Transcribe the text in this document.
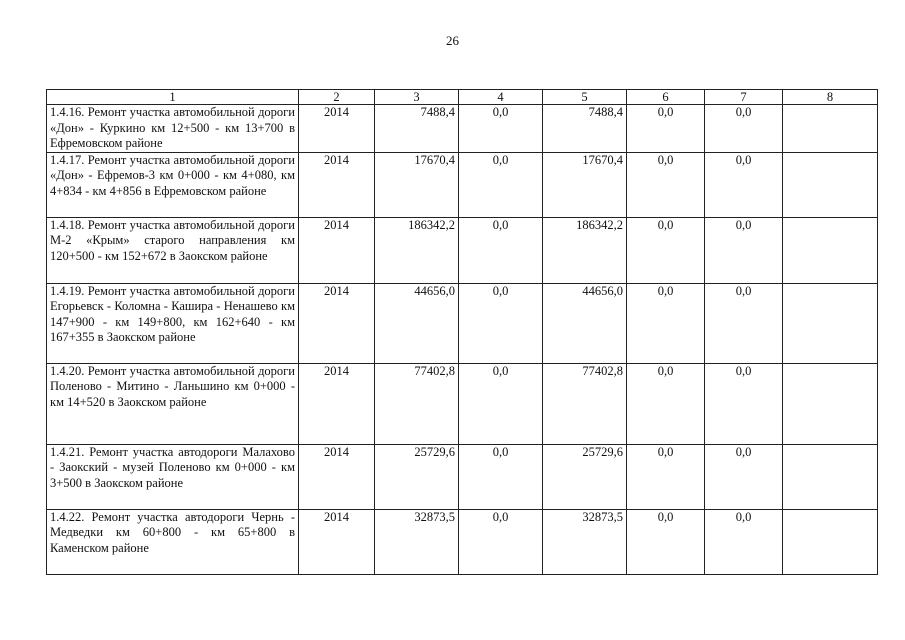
26
1	2	3	4	5	6	7	8
1.4.16. Ремонт участка автомобильной дороги «Дон» - Куркино км 12+500 - км 13+700 в Ефремовском районе	2014	7488,4	0,0	7488,4	0,0	0,0	
1.4.17. Ремонт участка автомобильной дороги «Дон» - Ефремов-3 км 0+000 - км 4+080, км 4+834 - км 4+856 в Ефремовском районе	2014	17670,4	0,0	17670,4	0,0	0,0	
1.4.18. Ремонт участка автомобильной дороги М-2 «Крым» старого направления км 120+500 - км 152+672 в Заокском районе	2014	186342,2	0,0	186342,2	0,0	0,0	
1.4.19. Ремонт участка автомобильной дороги Егорьевск - Коломна - Кашира - Ненашево км 147+900 - км 149+800, км 162+640 - км 167+355 в Заокском районе	2014	44656,0	0,0	44656,0	0,0	0,0	
1.4.20. Ремонт участка автомобильной дороги Поленово - Митино - Ланьшино км 0+000 - км 14+520 в Заокском районе	2014	77402,8	0,0	77402,8	0,0	0,0	
1.4.21. Ремонт участка автодороги Малахово - Заокский - музей Поленово км 0+000 - км 3+500 в Заокском районе	2014	25729,6	0,0	25729,6	0,0	0,0	
1.4.22. Ремонт участка автодороги Чернь - Медведки км 60+800 - км 65+800 в Каменском районе	2014	32873,5	0,0	32873,5	0,0	0,0	
